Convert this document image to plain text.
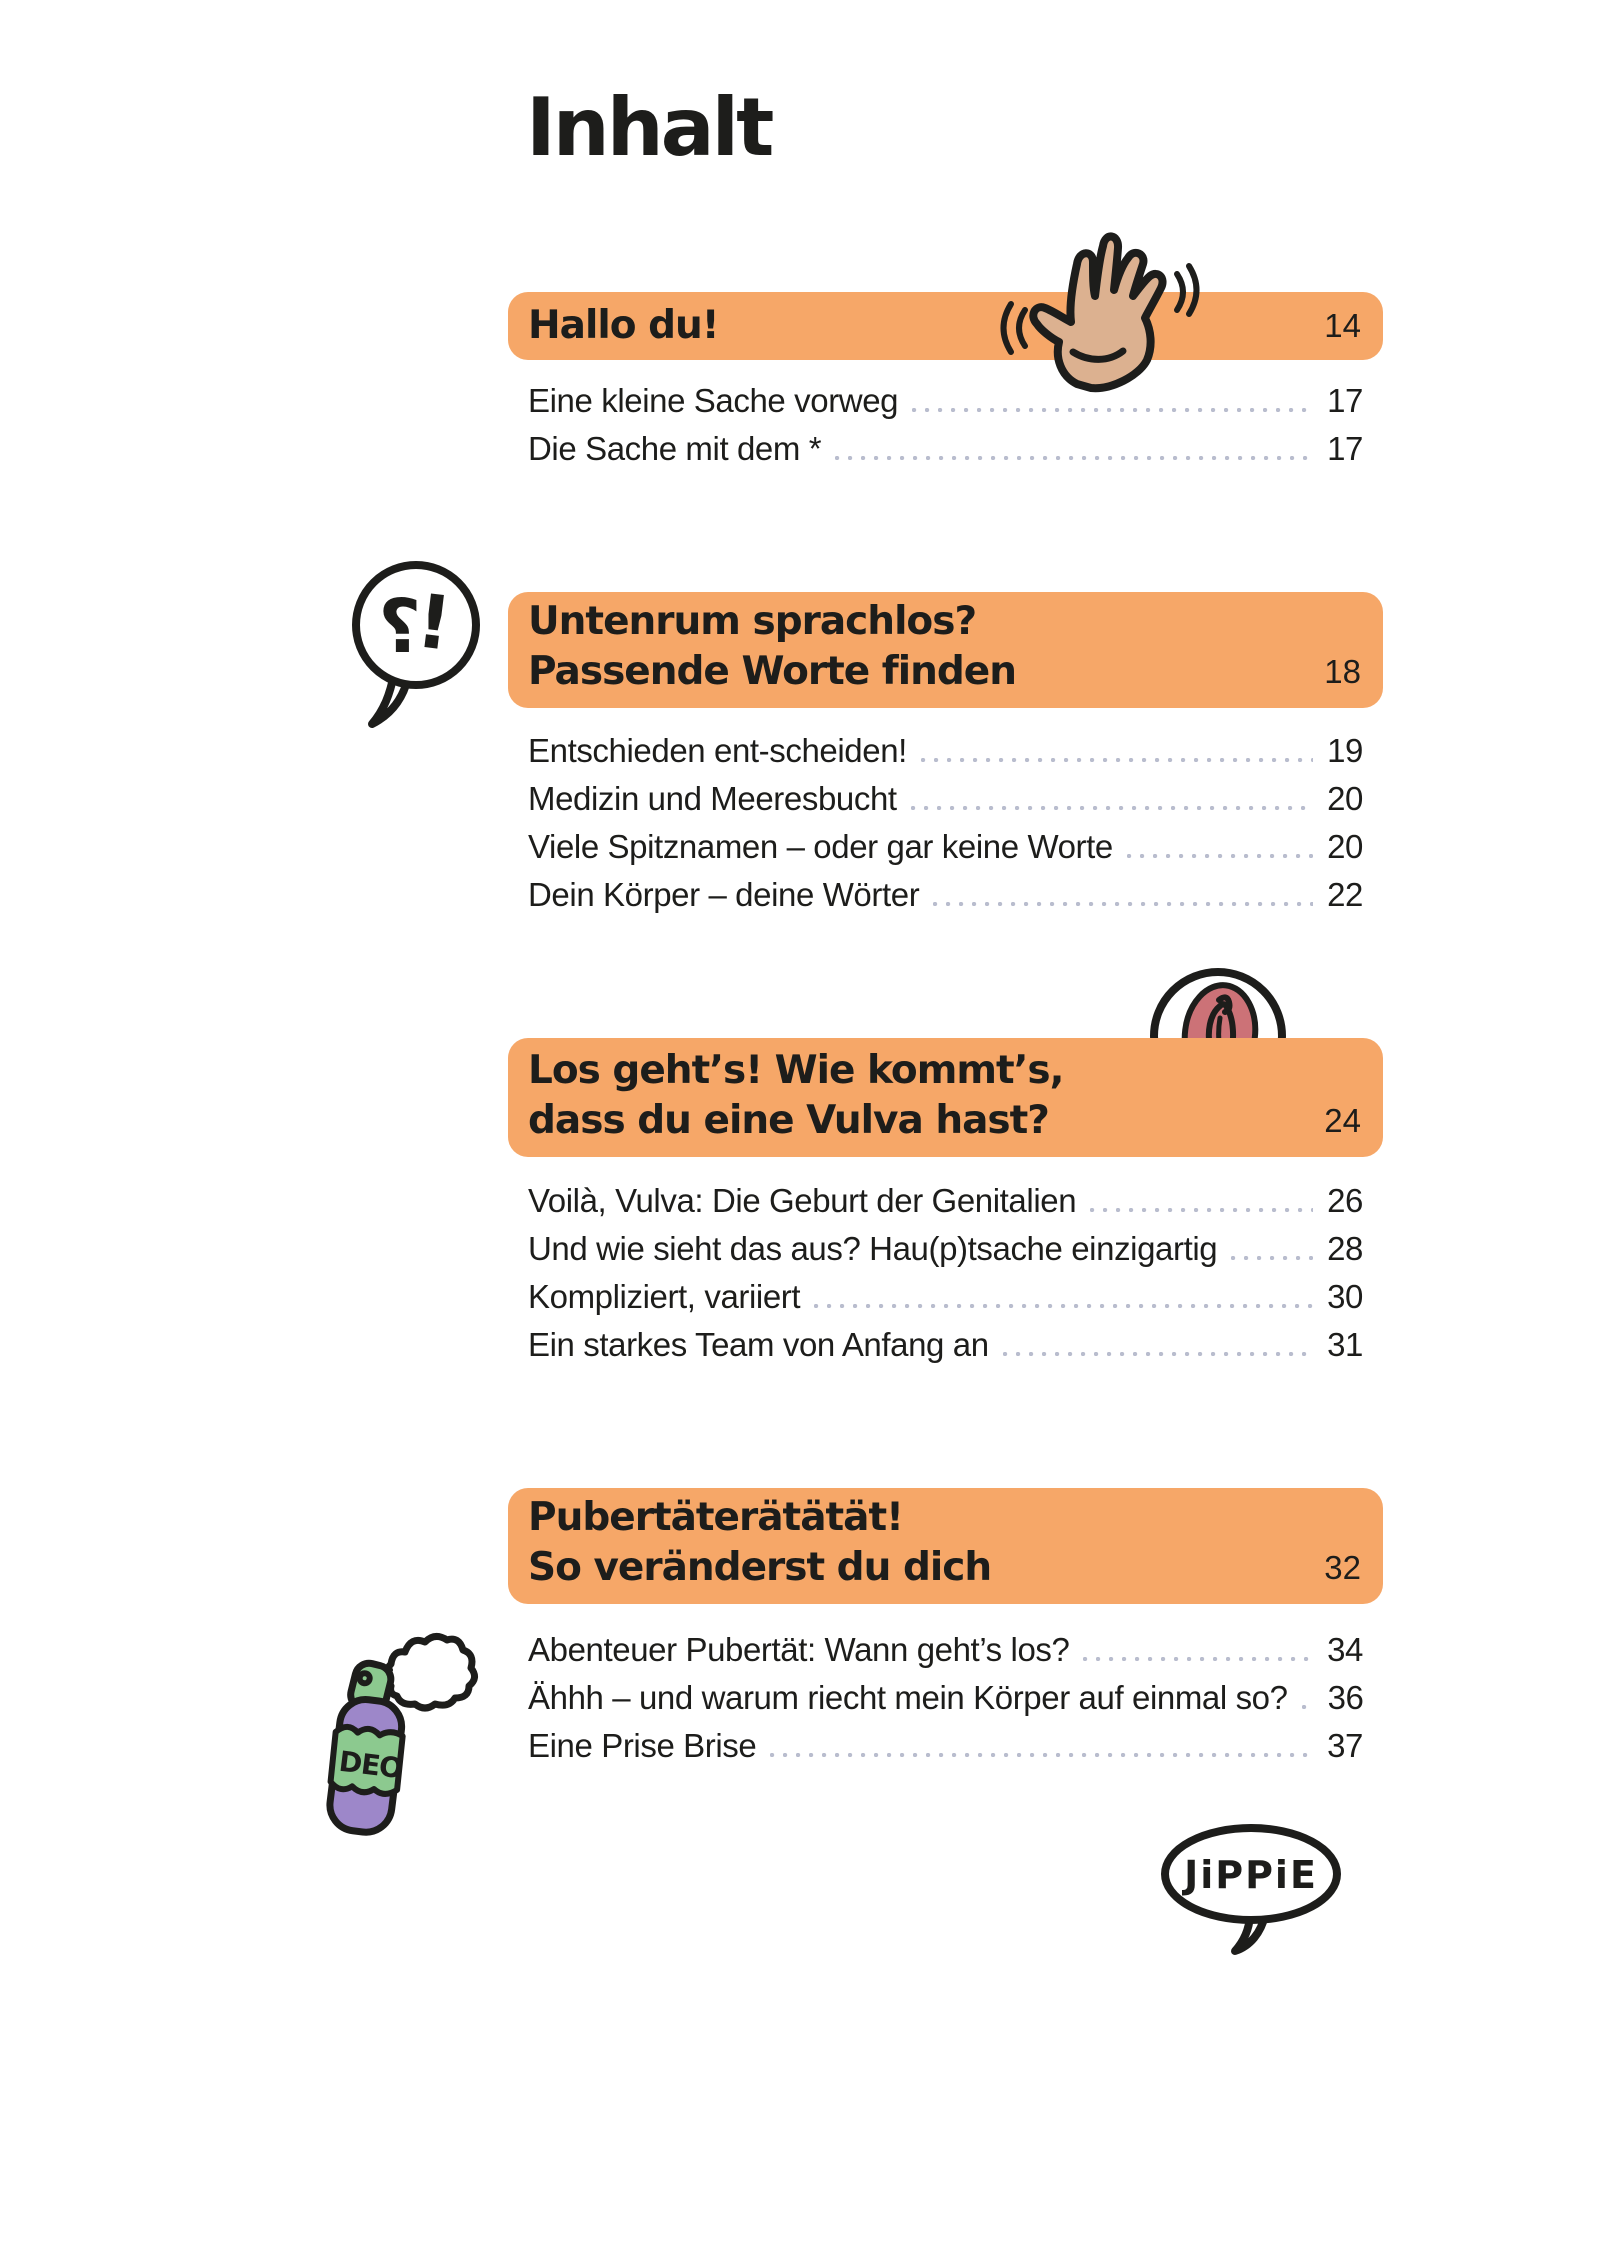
Inhalt
Hallo du!	14
Eine kleine Sache vorweg	17
Die Sache mit dem *	17
?
! Untenrum sprachlos?
Passende Worte finden	18
Entschieden ent-scheiden!	19
Medizin und Meeresbucht	20
Viele Spitznamen – oder gar keine Worte	20
Dein Körper – deine Wörter	22
Los geht’s! Wie kommt’s,
dass du eine Vulva hast?	24
Voilà, Vulva: Die Geburt der Genitalien	26
Und wie sieht das aus? Hau(p)tsache einzigartig	28
Kompliziert, variiert	30
Ein starkes Team von Anfang an	31
Pubertäterätätät!
So veränderst du dich	32
Abenteuer Pubertät: Wann geht’s los?	34
Ähhh – und warum riecht mein Körper auf einmal so? 36
Eine Prise Brise	37
DEO
JiPPiE
